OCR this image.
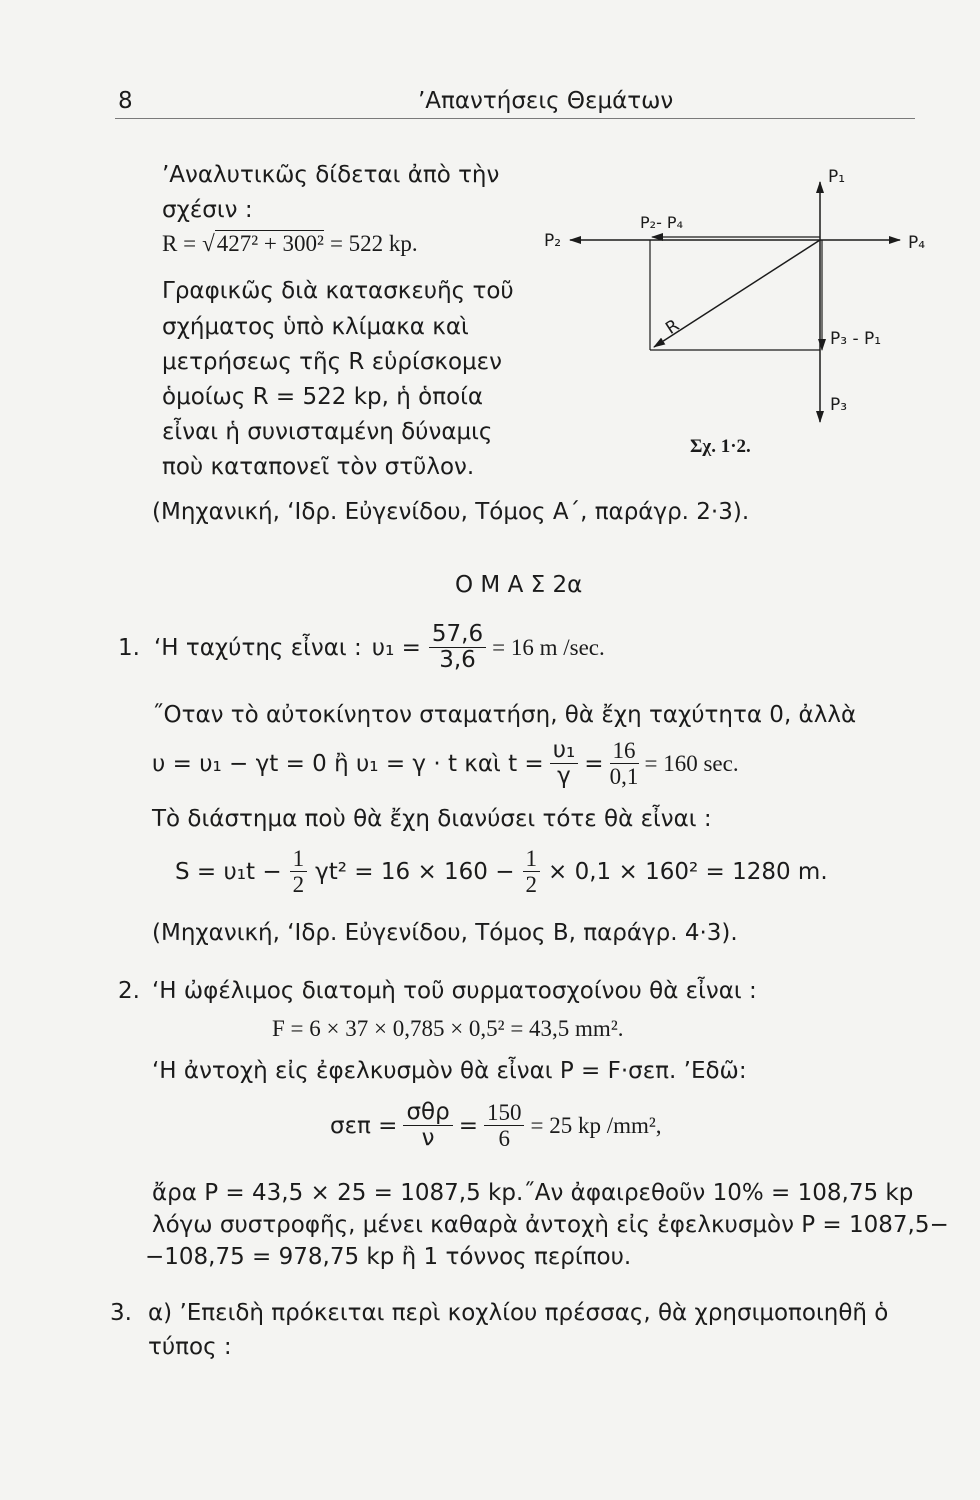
8	’Απαντήσεις Θεμάτων
’Αναλυτικῶς δίδεται ἀπὸ τὴν
σχέσιν :
R = √ 427² + 300² = 522 kp.
Γραφικῶς διὰ κατασκευῆς τοῦ
σχήματος ὑπὸ κλίμακα καὶ
μετρήσεως τῆς R εὑρίσκομεν
ὁμοίως R = 522 kp, ἡ ὁποία
εἶναι ἡ συνισταμένη δύναμις
ποὺ καταπονεῖ τὸν στῦλον.
(Μηχανική, ‘Ιδρ. Εὐγενίδου, Τόμος Α΄, παράγρ. 2·3).
P₁
P₂	P₄
P₂- P₄
R
P₃ - P₁
P₃
Σχ. 1·2.
Ο Μ Α Σ 2α
1. ‘Η ταχύτης εἶναι : $\upsilon_1 = \frac{57,6}{3,6} = 16$ m /sec.
˝Οταν τὸ αὐτοκίνητον σταματήση, θὰ ἔχη ταχύτητα 0, ἀλλὰ
υ = υ₁ − γt = 0 ἢ υ₁ = γ · t καὶ $t = \frac{\text{υ₁}}{\gamma} = \frac{16}{0,1} = 160$ sec.
Τὸ διάστημα ποὺ θὰ ἔχη διανύσει τότε θὰ εἶναι :
$S = \upsilon_1t - \frac{1}{2} \gamma t^2 = 16 \times 160 - \frac{1}{2} \times 0,1 \times 160^2 = 1280$ m.
(Μηχανική, ‘Ιδρ. Εὐγενίδου, Τόμος Β, παράγρ. 4·3).
2. ‘Η ὠφέλιμος διατομὴ τοῦ συρματοσχοίνου θὰ εἶναι :
F = 6 × 37 × 0,785 × 0,5² = 43,5 mm².
‘Η ἀντοχὴ εἰς ἐφελκυσμὸν θὰ εἶναι P = F·σεπ. ’Εδῶ:
$\sigma\varepsilon\pi = \frac{\text{σθρ}}{\nu} = \frac{150}{6} = 25$ kp /mm²,
ἄρα P = 43,5 × 25 = 1087,5 kp.˝Αν ἀφαιρεθοῦν 10% = 108,75 kp
λόγω συστροφῆς, μένει καθαρὰ ἀντοχὴ εἰς ἐφελκυσμὸν P = 1087,5−
−108,75 = 978,75 kp ἢ 1 τόννος περίπου.
3. α) ’Επειδὴ πρόκειται περὶ κοχλίου πρέσσας, θὰ χρησιμοποιηθῆ ὁ
τύπος :
